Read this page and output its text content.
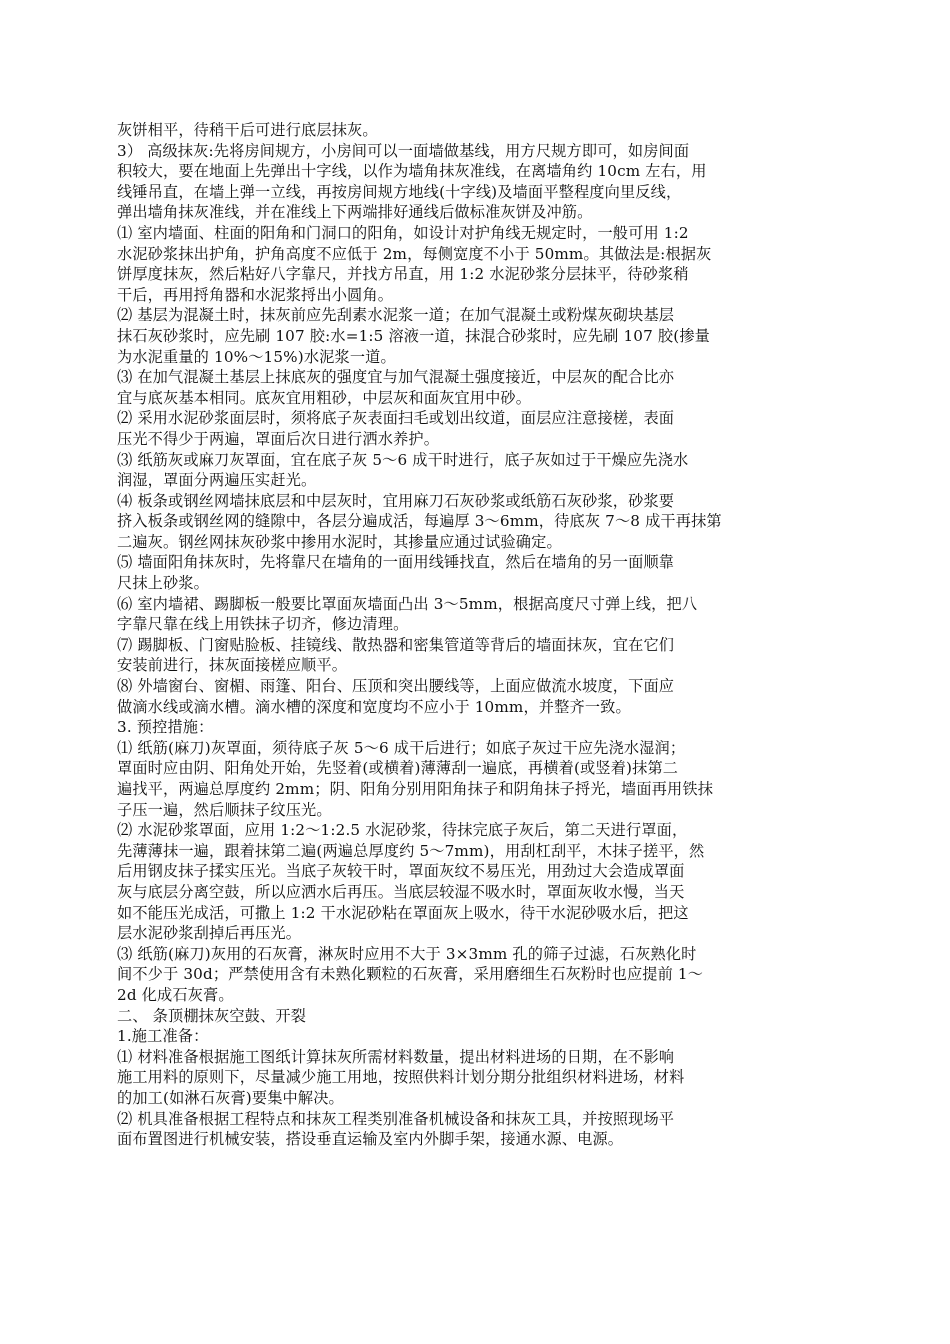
灰饼相平，待稍干后可进行底层抹灰。
3） 高级抹灰:先将房间规方，小房间可以一面墙做基线，用方尺规方即可，如房间面
积较大，要在地面上先弹出十字线，以作为墙角抹灰准线，在离墙角约 10cm 左右，用
线锤吊直，在墙上弹一立线，再按房间规方地线(十字线)及墙面平整程度向里反线，
弹出墙角抹灰准线，并在准线上下两端排好通线后做标准灰饼及冲筋。
⑴ 室内墙面、柱面的阳角和门洞口的阳角，如设计对护角线无规定时，一般可用 1:2
水泥砂浆抹出护角，护角高度不应低于 2m，每侧宽度不小于 50mm。其做法是:根据灰
饼厚度抹灰，然后粘好八字靠尺，并找方吊直，用 1:2 水泥砂浆分层抹平，待砂浆稍
干后，再用捋角器和水泥浆捋出小圆角。
⑵ 基层为混凝土时，抹灰前应先刮素水泥浆一道；在加气混凝土或粉煤灰砌块基层
抹石灰砂浆时，应先刷 107 胶:水=1:5 溶液一道，抹混合砂浆时，应先刷 107 胶(掺量
为水泥重量的 10%～15%)水泥浆一道。
⑶ 在加气混凝土基层上抹底灰的强度宜与加气混凝土强度接近，中层灰的配合比亦
宜与底灰基本相同。底灰宜用粗砂，中层灰和面灰宜用中砂。
⑵ 采用水泥砂浆面层时，须将底子灰表面扫毛或划出纹道，面层应注意接槎，表面
压光不得少于两遍，罩面后次日进行洒水养护。
⑶ 纸筋灰或麻刀灰罩面，宜在底子灰 5～6 成干时进行，底子灰如过于干燥应先浇水
润湿，罩面分两遍压实赶光。
⑷ 板条或钢丝网墙抹底层和中层灰时，宜用麻刀石灰砂浆或纸筋石灰砂浆，砂浆要
挤入板条或钢丝网的缝隙中，各层分遍成活，每遍厚 3～6mm，待底灰 7～8 成干再抹第
二遍灰。钢丝网抹灰砂浆中掺用水泥时，其掺量应通过试验确定。
⑸ 墙面阳角抹灰时，先将靠尺在墙角的一面用线锤找直，然后在墙角的另一面顺靠
尺抹上砂浆。
⑹ 室内墙裙、踢脚板一般要比罩面灰墙面凸出 3～5mm，根据高度尺寸弹上线，把八
字靠尺靠在线上用铁抹子切齐，修边清理。
⑺ 踢脚板、门窗贴脸板、挂镜线、散热器和密集管道等背后的墙面抹灰，宜在它们
安装前进行，抹灰面接槎应顺平。
⑻ 外墙窗台、窗楣、雨篷、阳台、压顶和突出腰线等，上面应做流水坡度，下面应
做滴水线或滴水槽。滴水槽的深度和宽度均不应小于 10mm，并整齐一致。
3. 预控措施：
⑴ 纸筋(麻刀)灰罩面，须待底子灰 5～6 成干后进行；如底子灰过干应先浇水湿润；
罩面时应由阴、阳角处开始，先竖着(或横着)薄薄刮一遍底，再横着(或竖着)抹第二
遍找平，两遍总厚度约 2mm；阴、阳角分别用阳角抹子和阴角抹子捋光，墙面再用铁抹
子压一遍，然后顺抹子纹压光。
⑵ 水泥砂浆罩面，应用 1:2～1:2.5 水泥砂浆，待抹完底子灰后，第二天进行罩面，
先薄薄抹一遍，跟着抹第二遍(两遍总厚度约 5～7mm)，用刮杠刮平，木抹子搓平，然
后用钢皮抹子揉实压光。当底子灰较干时，罩面灰纹不易压光，用劲过大会造成罩面
灰与底层分离空鼓，所以应洒水后再压。当底层较湿不吸水时，罩面灰收水慢，当天
如不能压光成活，可撒上 1:2 干水泥砂粘在罩面灰上吸水，待干水泥砂吸水后，把这
层水泥砂浆刮掉后再压光。
⑶ 纸筋(麻刀)灰用的石灰膏，淋灰时应用不大于 3×3mm 孔的筛子过滤，石灰熟化时
间不少于 30d；严禁使用含有未熟化颗粒的石灰膏，采用磨细生石灰粉时也应提前 1～
2d 化成石灰膏。
二、 条顶棚抹灰空鼓、开裂
1.施工准备：
⑴ 材料准备根据施工图纸计算抹灰所需材料数量，提出材料进场的日期，在不影响
施工用料的原则下，尽量减少施工用地，按照供料计划分期分批组织材料进场，材料
的加工(如淋石灰膏)要集中解决。
⑵ 机具准备根据工程特点和抹灰工程类别准备机械设备和抹灰工具，并按照现场平
面布置图进行机械安装，搭设垂直运输及室内外脚手架，接通水源、电源。
